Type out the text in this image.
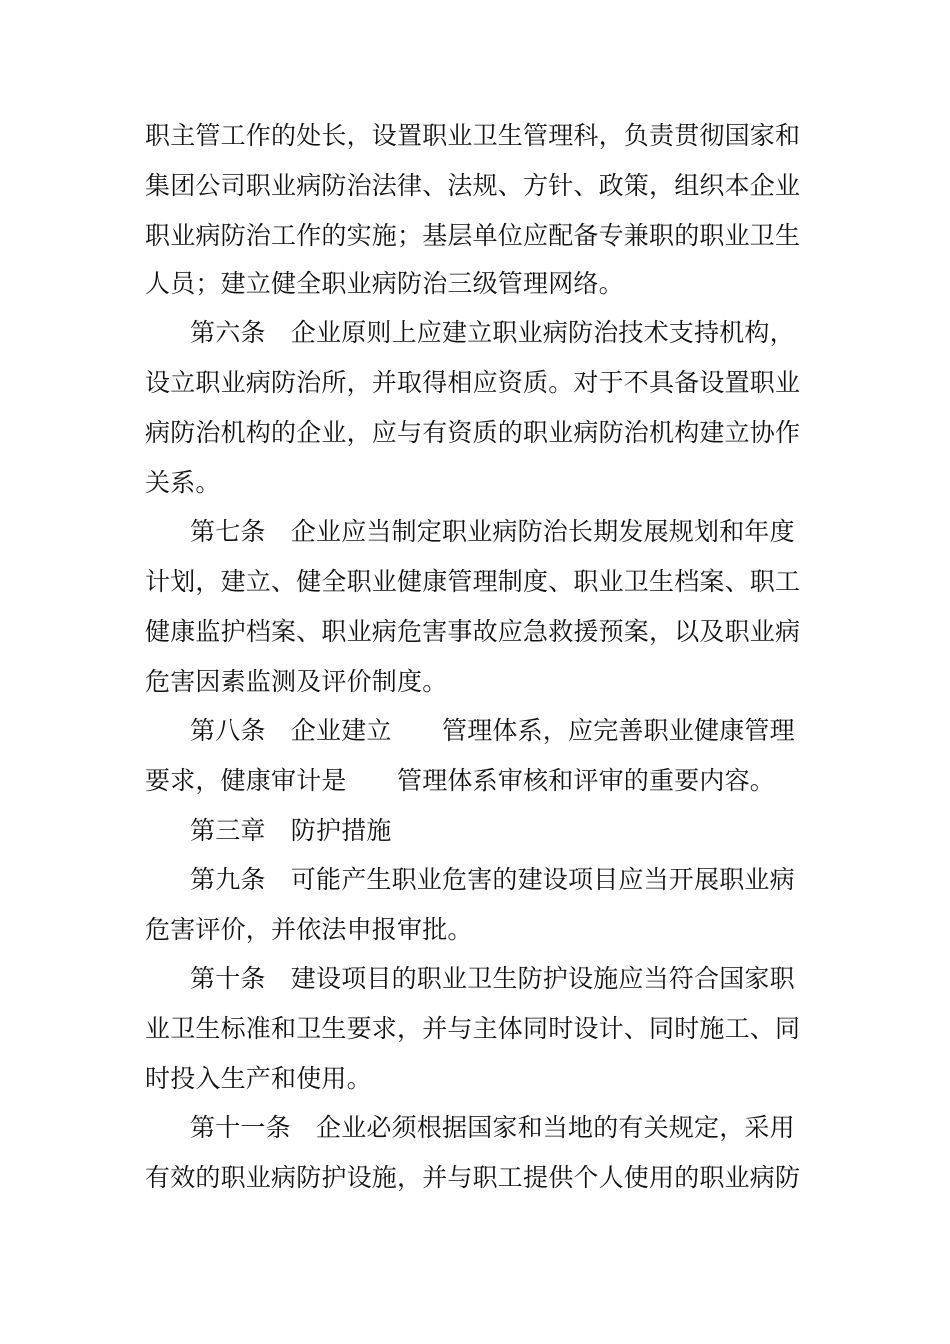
职主管工作的处长，设置职业卫生管理科，负责贯彻国家和
集团公司职业病防治法律、法规、方针、政策，组织本企业
职业病防治工作的实施；基层单位应配备专兼职的职业卫生
人员；建立健全职业病防治三级管理网络。
第六条　企业原则上应建立职业病防治技术支持机构，
设立职业病防治所，并取得相应资质。对于不具备设置职业
病防治机构的企业，应与有资质的职业病防治机构建立协作
关系。
第七条　企业应当制定职业病防治长期发展规划和年度
计划，建立、健全职业健康管理制度、职业卫生档案、职工
健康监护档案、职业病危害事故应急救援预案，以及职业病
危害因素监测及评价制度。
第八条　企业建立　　管理体系，应完善职业健康管理
要求，健康审计是　　管理体系审核和评审的重要内容。
第三章　防护措施
第九条　可能产生职业危害的建设项目应当开展职业病
危害评价，并依法申报审批。
第十条　建设项目的职业卫生防护设施应当符合国家职
业卫生标准和卫生要求，并与主体同时设计、同时施工、同
时投入生产和使用。
第十一条　企业必须根据国家和当地的有关规定，采用
有效的职业病防护设施，并与职工提供个人使用的职业病防
